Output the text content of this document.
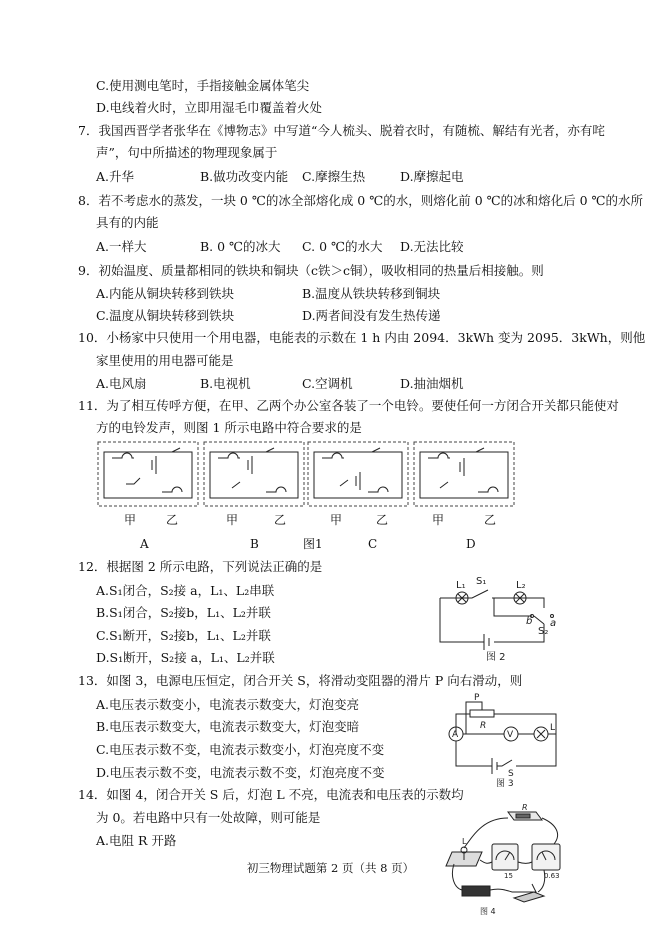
C.使用测电笔时，手指接触金属体笔尖
D.电线着火时，立即用湿毛巾覆盖着火处
7．我国西晋学者张华在《博物志》中写道“今人梳头、脱着衣时，有随梳、解结有光者，亦有咤
声”，句中所描述的物理现象属于
A.升华	B.做功改变内能 C.摩擦生热	D.摩擦起电
8．若不考虑水的蒸发，一块 0 ℃的冰全部熔化成 0 ℃的水，则熔化前 0 ℃的冰和熔化后 0 ℃的水所
具有的内能
A.一样大	B. 0 ℃的冰大 C. 0 ℃的水大 D.无法比较
9．初始温度、质量都相同的铁块和铜块（c铁＞c铜），吸收相同的热量后相接触。则
A.内能从铜块转移到铁块	B.温度从铁块转移到铜块
C.温度从铜块转移到铁块	D.两者间没有发生热传递
10．小杨家中只使用一个用电器，电能表的示数在 1 h 内由 2094．3kWh 变为 2095．3kWh，则他
家里使用的用电器可能是
A.电风扇	B.电视机	C.空调机	D.抽油烟机
11．为了相互传呼方便，在甲、乙两个办公室各装了一个电铃。要使任何一方闭合开关都只能使对
方的电铃发声，则图 1 所示电路中符合要求的是
甲 乙	甲	乙	甲	乙	甲	乙
A	B	图1	C	D
12．根据图 2 所示电路，下列说法正确的是
A.S₁闭合，S₂接 a，L₁、L₂串联
B.S₁闭合，S₂接b，L₁、L₂并联
C.S₁断开，S₂接b，L₁、L₂并联
D.S₁断开，S₂接 a，L₁、L₂并联
L₁ S₁	L₂
a
b
S₂
图 2
13．如图 3，电源电压恒定，闭合开关 S，将滑动变阻器的滑片 P 向右滑动，则
A.电压表示数变小，电流表示数变大，灯泡变亮
B.电压表示数变大，电流表示数变大，灯泡变暗
C.电压表示数不变，电流表示数变小，灯泡亮度不变
D.电压表示数不变，电流表示数不变，灯泡亮度不变
P
R
A	V
L
S
图 3
14．如图 4，闭合开关 S 后，灯泡 L 不亮，电流表和电压表的示数均
为 0。若电路中只有一处故障，则可能是
A.电阻 R 开路
R
L
15	0.63
图 4
初三物理试题第 2 页（共 8 页）
